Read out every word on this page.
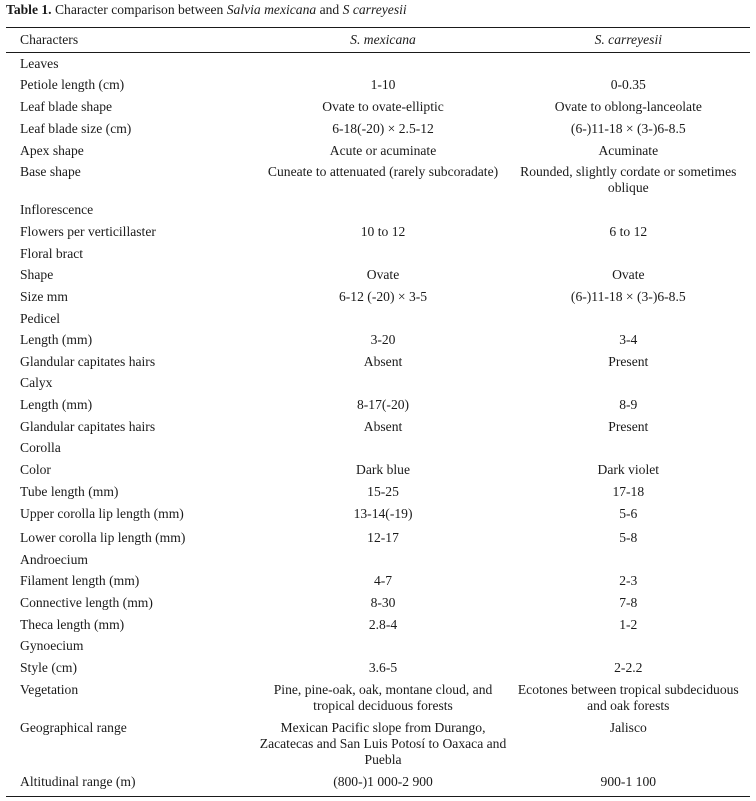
Table 1. Character comparison between Salvia mexicana and S carreyesii
Characters	S. mexicana	S. carreyesii
Leaves		
Petiole length (cm)	1-10	0-0.35
Leaf blade shape	Ovate to ovate-elliptic	Ovate to oblong-lanceolate
Leaf blade size (cm)	6-18(-20) × 2.5-12	(6-)11-18 × (3-)6-8.5
Apex shape	Acute or acuminate	Acuminate
Base shape	Cuneate to attenuated (rarely subcoradate)	Rounded, slightly cordate or sometimes oblique
Inflorescence		
Flowers per verticillaster	10 to 12	6 to 12
Floral bract		
Shape	Ovate	Ovate
Size mm	6-12 (-20) × 3-5	(6-)11-18 × (3-)6-8.5
Pedicel		
Length (mm)	3-20	3-4
Glandular capitates hairs	Absent	Present
Calyx		
Length (mm)	8-17(-20)	8-9
Glandular capitates hairs	Absent	Present
Corolla		
Color	Dark blue	Dark violet
Tube length (mm)	15-25	17-18
Upper corolla lip length (mm)	13-14(-19)	5-6
Lower corolla lip length (mm)	12-17	5-8
Androecium		
Filament length (mm)	4-7	2-3
Connective length (mm)	8-30	7-8
Theca length (mm)	2.8-4	1-2
Gynoecium		
Style (cm)	3.6-5	2-2.2
Vegetation	Pine, pine-oak, oak, montane cloud, and tropical deciduous forests	Ecotones between tropical subdeciduous and oak forests
Geographical range	Mexican Pacific slope from Durango, Zacatecas and San Luis Potosí to Oaxaca and Puebla	Jalisco
Altitudinal range (m)	(800-)1 000-2 900	900-1 100
